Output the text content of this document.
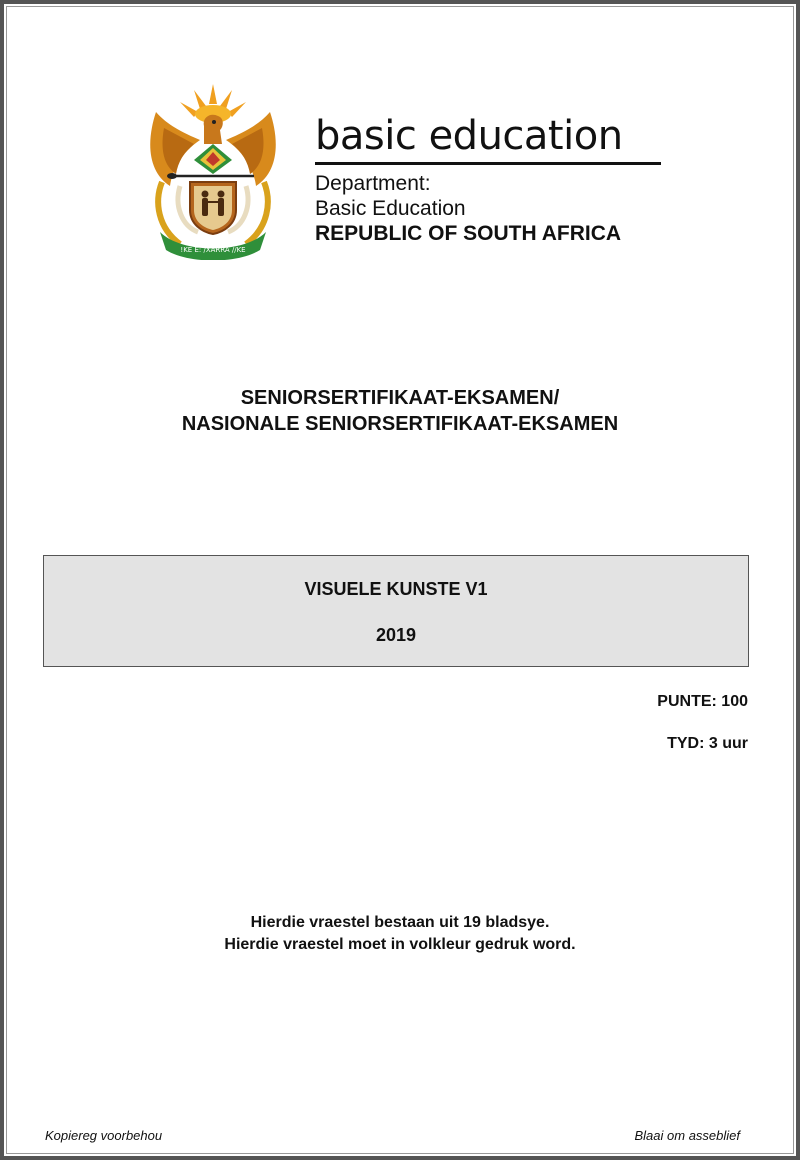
!KE E: /XARRA //KE
basic education
Department:
Basic Education
REPUBLIC OF SOUTH AFRICA
SENIORSERTIFIKAAT-EKSAMEN/
NASIONALE SENIORSERTIFIKAAT-EKSAMEN
VISUELE KUNSTE V1
2019
PUNTE: 100
TYD: 3 uur
Hierdie vraestel bestaan uit 19 bladsye.
Hierdie vraestel moet in volkleur gedruk word.
Kopiereg voorbehou	Blaai om asseblief
